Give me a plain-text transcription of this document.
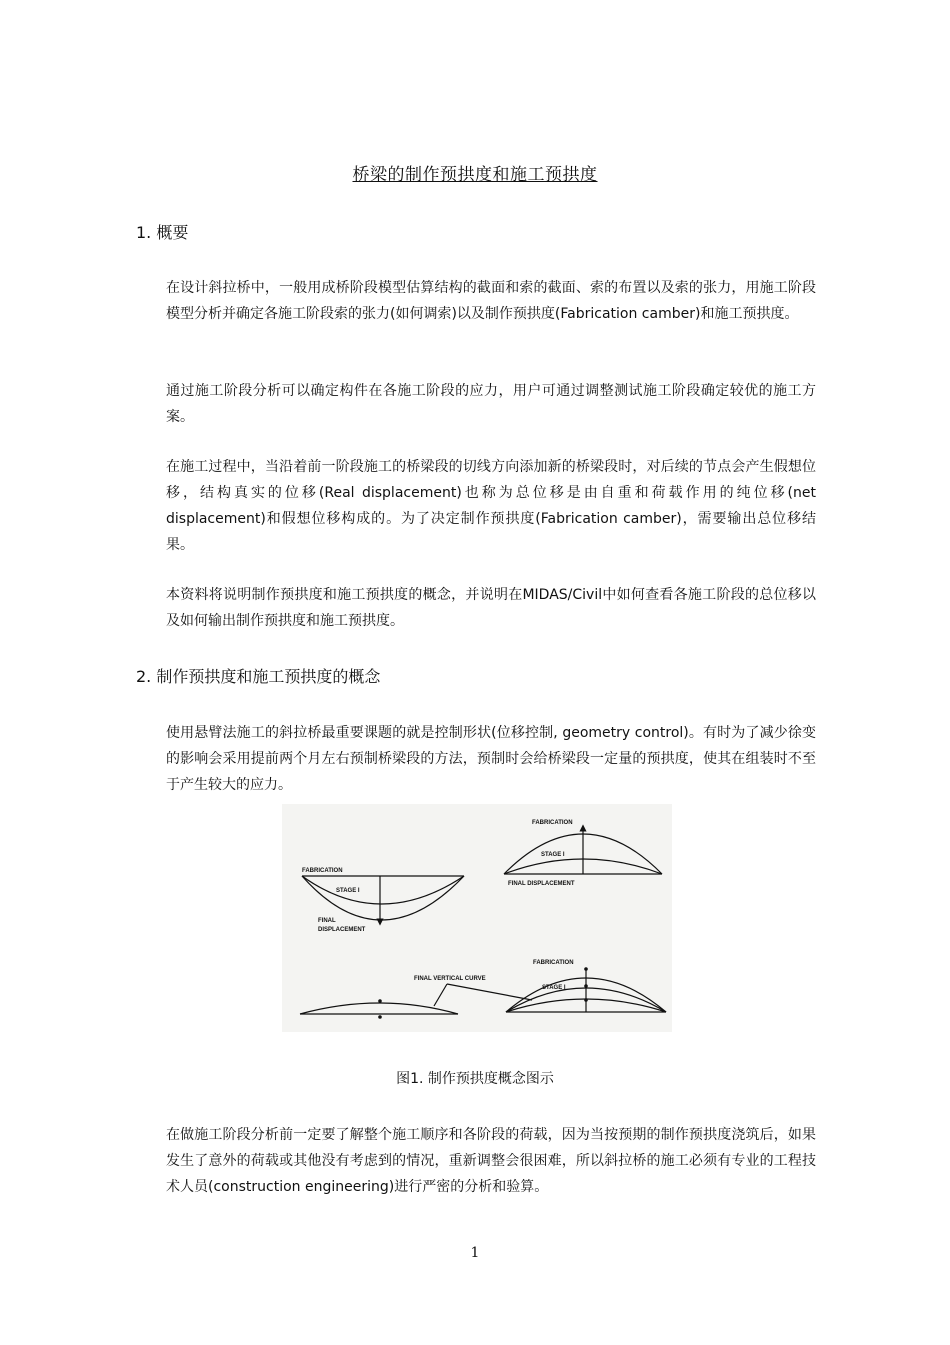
桥梁的制作预拱度和施工预拱度
1. 概要
在设计斜拉桥中，一般用成桥阶段模型估算结构的截面和索的截面、索的布置以及索的张力，用施工阶段模型分析并确定各施工阶段索的张力(如何调索)以及制作预拱度(Fabrication camber)和施工预拱度。
通过施工阶段分析可以确定构件在各施工阶段的应力，用户可通过调整测试施工阶段确定较优的施工方案。
在施工过程中，当沿着前一阶段施工的桥梁段的切线方向添加新的桥梁段时，对后续的节点会产生假想位移，结构真实的位移(Real displacement)也称为总位移是由自重和荷载作用的纯位移(net displacement)和假想位移构成的。为了决定制作预拱度(Fabrication camber)，需要输出总位移结果。
本资料将说明制作预拱度和施工预拱度的概念，并说明在MIDAS/Civil中如何查看各施工阶段的总位移以及如何输出制作预拱度和施工预拱度。
2. 制作预拱度和施工预拱度的概念
使用悬臂法施工的斜拉桥最重要课题的就是控制形状(位移控制, geometry control)。有时为了减少徐变的影响会采用提前两个月左右预制桥梁段的方法，预制时会给桥梁段一定量的预拱度，使其在组装时不至于产生较大的应力。
FABRICATION
STAGE I
FINAL
DISPLACEMENT
FABRICATION
STAGE I
FINAL DISPLACEMENT
FINAL VERTICAL CURVE
FABRICATION
STAGE I
图1. 制作预拱度概念图示
在做施工阶段分析前一定要了解整个施工顺序和各阶段的荷载，因为当按预期的制作预拱度浇筑后，如果发生了意外的荷载或其他没有考虑到的情况，重新调整会很困难，所以斜拉桥的施工必须有专业的工程技术人员(construction engineering)进行严密的分析和验算。
1
